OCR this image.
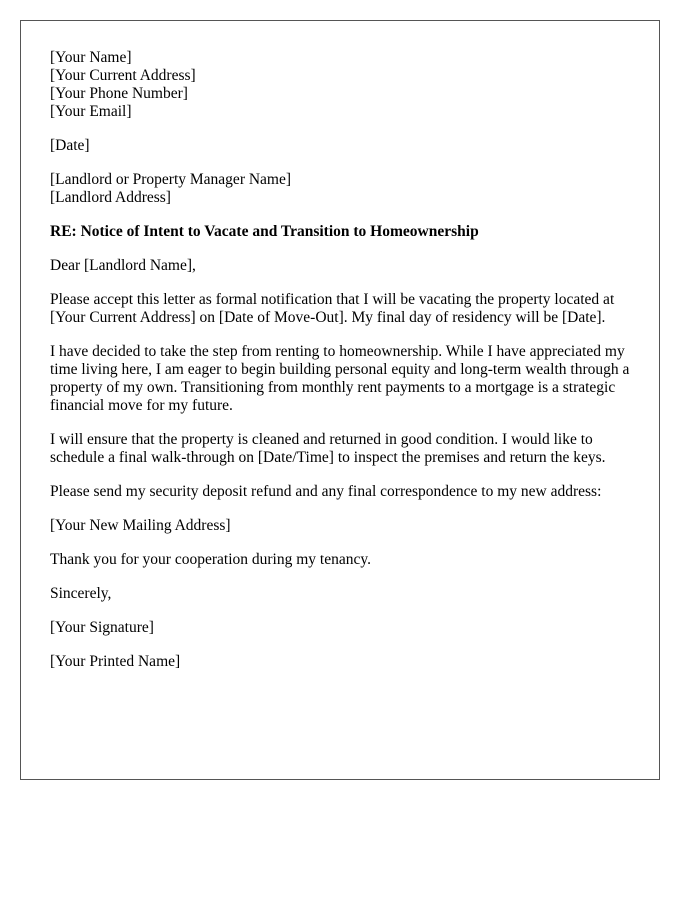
[Your Name]
[Your Current Address]
[Your Phone Number]
[Your Email]
[Date]
[Landlord or Property Manager Name]
[Landlord Address]

RE: Notice of Intent to Vacate and Transition to Homeownership

Dear [Landlord Name],

Please accept this letter as formal notification that I will be vacating the property located at [Your Current Address] on [Date of Move-Out]. My final day of residency will be [Date].

I have decided to take the step from renting to homeownership. While I have appreciated my time living here, I am eager to begin building personal equity and long-term wealth through a property of my own. Transitioning from monthly rent payments to a mortgage is a strategic financial move for my future.

I will ensure that the property is cleaned and returned in good condition. I would like to schedule a final walk-through on [Date/Time] to inspect the premises and return the keys.

Please send my security deposit refund and any final correspondence to my new address:

[Your New Mailing Address]

Thank you for your cooperation during my tenancy.

Sincerely,

[Your Signature]

[Your Printed Name]
